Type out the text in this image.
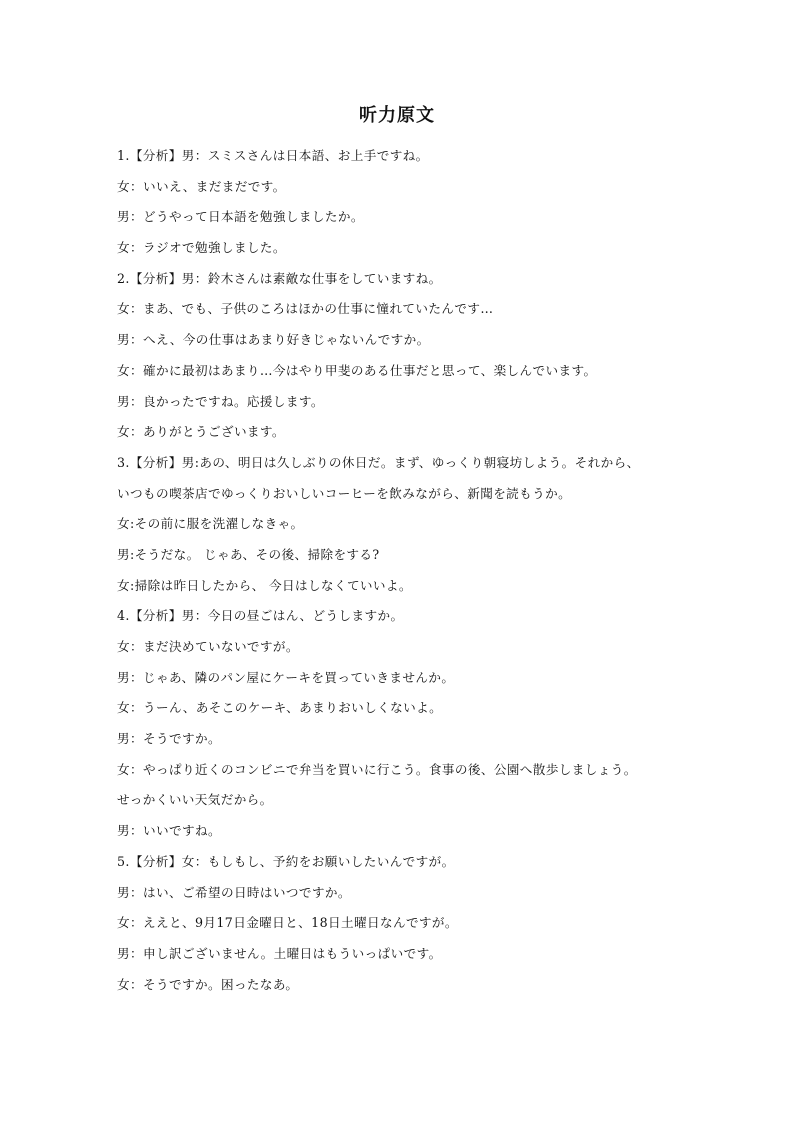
听力原文
1.【分析】男：スミスさんは日本語、お上手ですね。
女：いいえ、まだまだです。
男：どうやって日本語を勉強しましたか。
女：ラジオで勉強しました。
2.【分析】男：鈴木さんは素敵な仕事をしていますね。
女：まあ、でも、子供のころはほかの仕事に憧れていたんです…
男：へえ、今の仕事はあまり好きじゃないんですか。
女：確かに最初はあまり…今はやり甲斐のある仕事だと思って、楽しんでいます。
男：良かったですね。応援します。
女：ありがとうございます。
3.【分析】男:あの、明日は久しぶりの休日だ。まず、ゆっくり朝寝坊しよう。それから、
いつもの喫茶店でゆっくりおいしいコーヒーを飲みながら、新聞を読もうか。
女:その前に服を洗濯しなきゃ。
男:そうだな。 じゃあ、その後、掃除をする?
女:掃除は昨日したから、 今日はしなくていいよ。
4.【分析】男：今日の昼ごはん、どうしますか。
女：まだ決めていないですが。
男：じゃあ、隣のパン屋にケーキを買っていきませんか。
女：うーん、あそこのケーキ、あまりおいしくないよ。
男：そうですか。
女：やっぱり近くのコンビニで弁当を買いに行こう。食事の後、公園へ散歩しましょう。
せっかくいい天気だから。
男：いいですね。
5.【分析】女：もしもし、予約をお願いしたいんですが。
男：はい、ご希望の日時はいつですか。
女：ええと、9月17日金曜日と、18日土曜日なんですが。
男：申し訳ございません。土曜日はもういっぱいです。
女：そうですか。困ったなあ。
